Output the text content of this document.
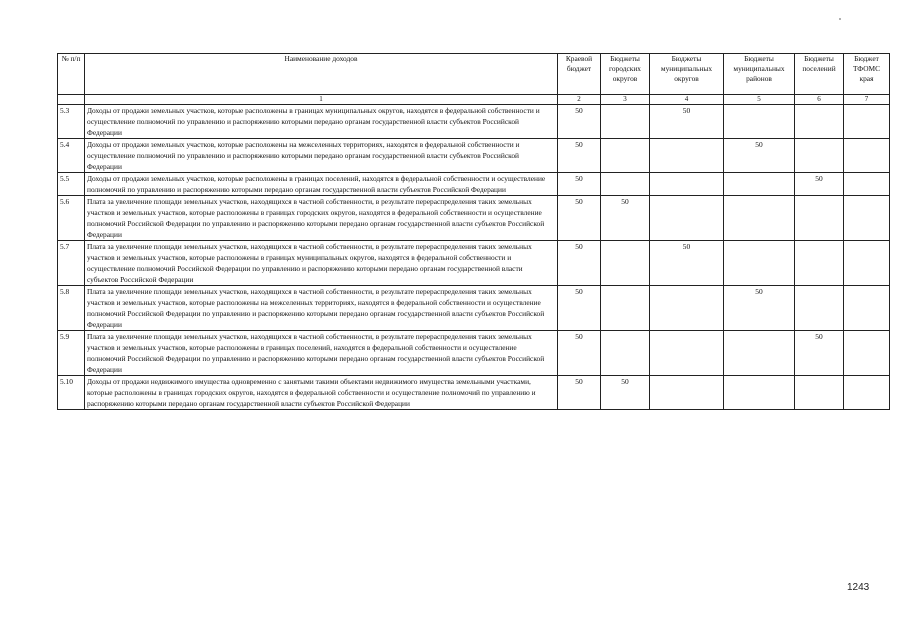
№ п/п	Наименование доходов	Краевой бюджет	Бюджеты городских округов	Бюджеты муниципальных округов	Бюджеты муниципальных районов	Бюджеты поселений	Бюджет ТФОМС края
	1	2	3	4	5	6	7
5.3	Доходы от продажи земельных участков, которые расположены в границах муниципальных округов, находятся в федеральной собственности и осуществление полномочий по управлению и распоряжению которыми передано органам государственной власти субъектов Российской Федерации	50		50			
5.4	Доходы от продажи земельных участков, которые расположены на межселенных территориях, находятся в федеральной собственности и осуществление полномочий по управлению и распоряжению которыми передано органам государственной власти субъектов Российской Федерации	50			50		
5.5	Доходы от продажи земельных участков, которые расположены в границах поселений, находятся в федеральной собственности и осуществление полномочий по управлению и распоряжению которыми передано органам государственной власти субъектов Российской Федерации	50				50	
5.6	Плата за увеличение площади земельных участков, находящихся в частной собственности, в результате перераспределения таких земельных участков и земельных участков, которые расположены в границах городских округов, находятся в федеральной собственности и осуществление полномочий Российской Федерации по управлению и распоряжению которыми передано органам государственной власти субъектов Российской Федерации	50	50				
5.7	Плата за увеличение площади земельных участков, находящихся в частной собственности, в результате перераспределения таких земельных участков и земельных участков, которые расположены в границах муниципальных округов, находятся в федеральной собственности и осуществление полномочий Российской Федерации по управлению и распоряжению которыми передано органам государственной власти субъектов Российской Федерации	50		50			
5.8	Плата за увеличение площади земельных участков, находящихся в частной собственности, в результате перераспределения таких земельных участков и земельных участков, которые расположены на межселенных территориях, находятся в федеральной собственности и осуществление полномочий Российской Федерации по управлению и распоряжению которыми передано органам государственной власти субъектов Российской Федерации	50			50		
5.9	Плата за увеличение площади земельных участков, находящихся в частной собственности, в результате перераспределения таких земельных участков и земельных участков, которые расположены в границах поселений, находятся в федеральной собственности и осуществление полномочий Российской Федерации по управлению и распоряжению которыми передано органам государственной власти субъектов Российской Федерации	50				50	
5.10	Доходы от продажи недвижимого имущества одновременно с занятыми такими объектами недвижимого имущества земельными участками, которые расположены в границах городских округов, находятся в федеральной собственности и осуществление полномочий по управлению и распоряжению которыми передано органам государственной власти субъектов Российской Федерации	50	50				
1243
